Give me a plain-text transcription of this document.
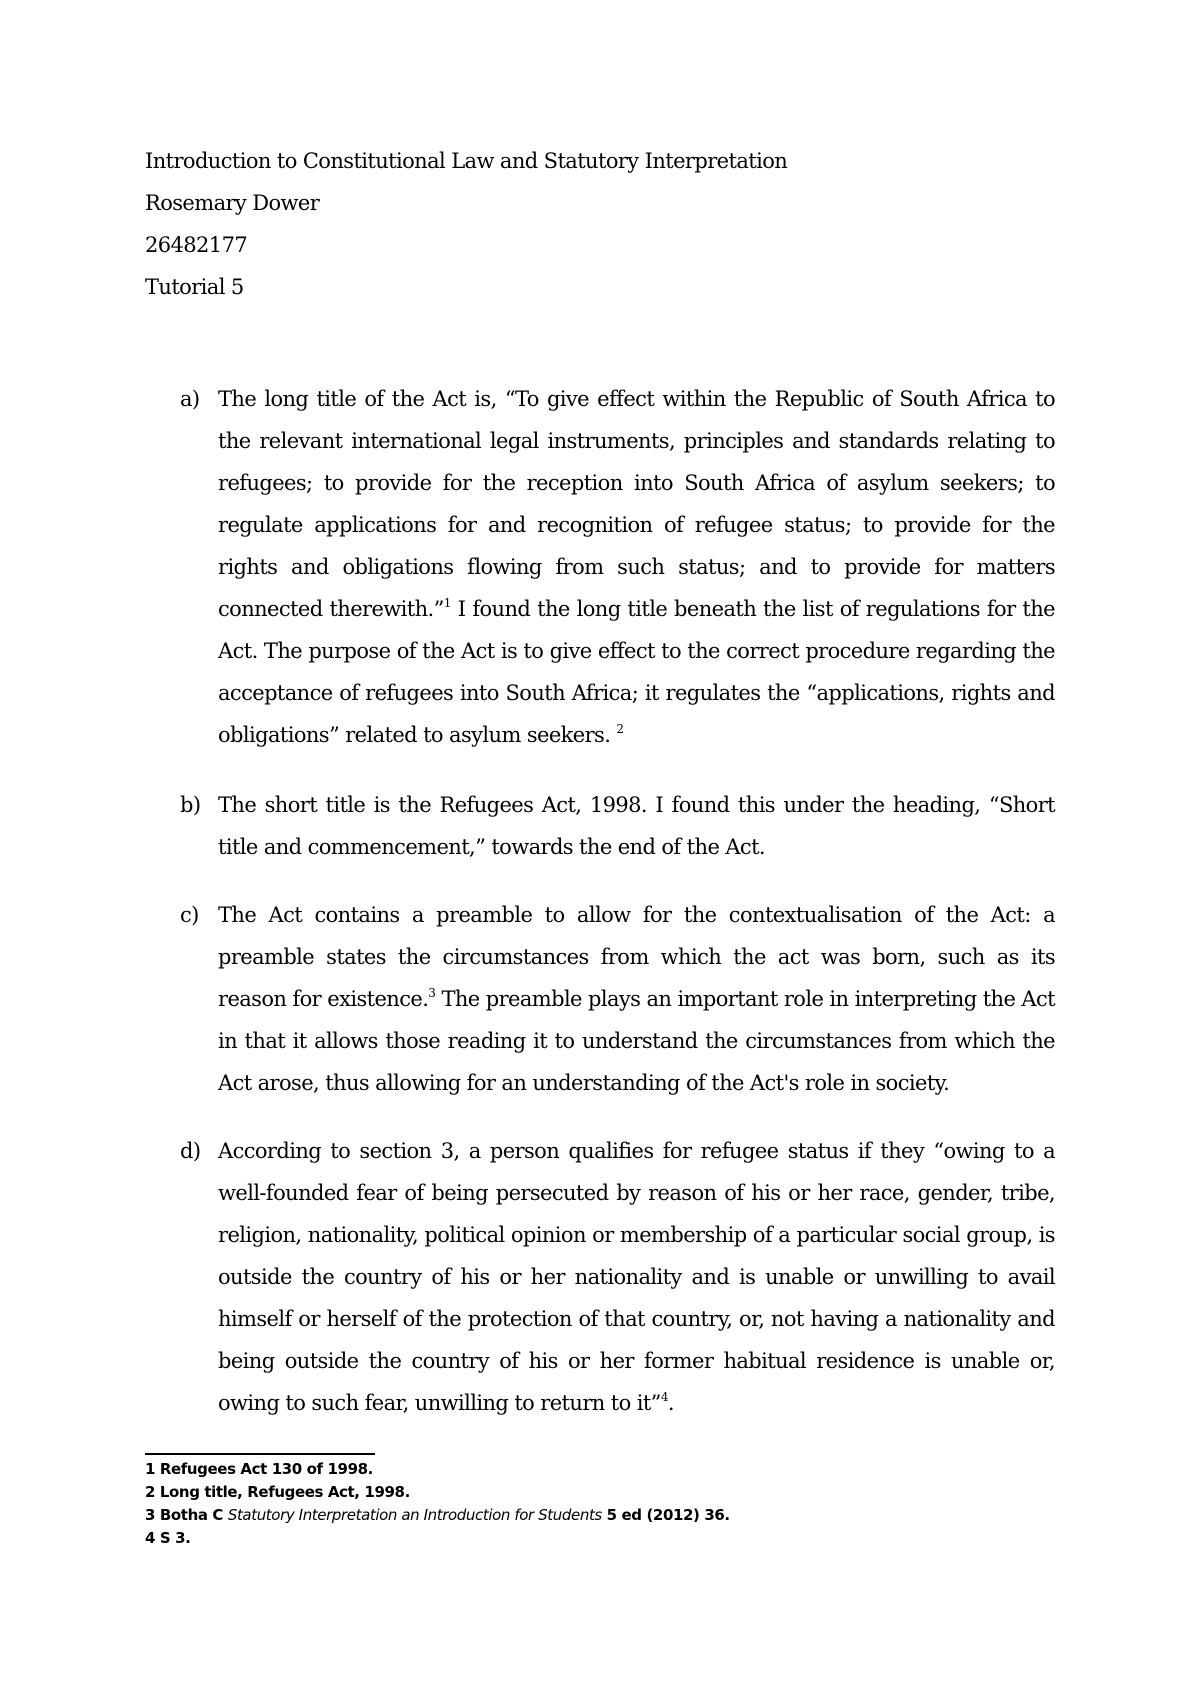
Introduction to Constitutional Law and Statutory Interpretation
Rosemary Dower
26482177
Tutorial 5
a) The long title of the Act is, “To give effect within the Republic of South Africa to the relevant international legal instruments, principles and standards relating to refugees; to provide for the reception into South Africa of asylum seekers; to regulate applications for and recognition of refugee status; to provide for the rights and obligations flowing from such status; and to provide for matters connected therewith.”$^1$ I found the long title beneath the list of regulations for the Act. The purpose of the Act is to give effect to the correct procedure regarding the acceptance of refugees into South Africa; it regulates the “applications, rights and obligations” related to asylum seekers. $^2$
b) The short title is the Refugees Act, 1998. I found this under the heading, “Short title and commencement,” towards the end of the Act.
c) The Act contains a preamble to allow for the contextualisation of the Act: a preamble states the circumstances from which the act was born, such as its reason for existence.$^3$ The preamble plays an important role in interpreting the Act in that it allows those reading it to understand the circumstances from which the Act arose, thus allowing for an understanding of the Act's role in society.
d) According to section 3, a person qualifies for refugee status if they “owing to a well-founded fear of being persecuted by reason of his or her race, gender, tribe, religion, nationality, political opinion or membership of a particular social group, is outside the country of his or her nationality and is unable or unwilling to avail himself or herself of the protection of that country, or, not having a nationality and being outside the country of his or her former habitual residence is unable or, owing to such fear, unwilling to return to it”$^4$.
1 Refugees Act 130 of 1998.
2 Long title, Refugees Act, 1998.
3 Botha C Statutory Interpretation an Introduction for Students 5 ed (2012) 36.
4 S 3.
